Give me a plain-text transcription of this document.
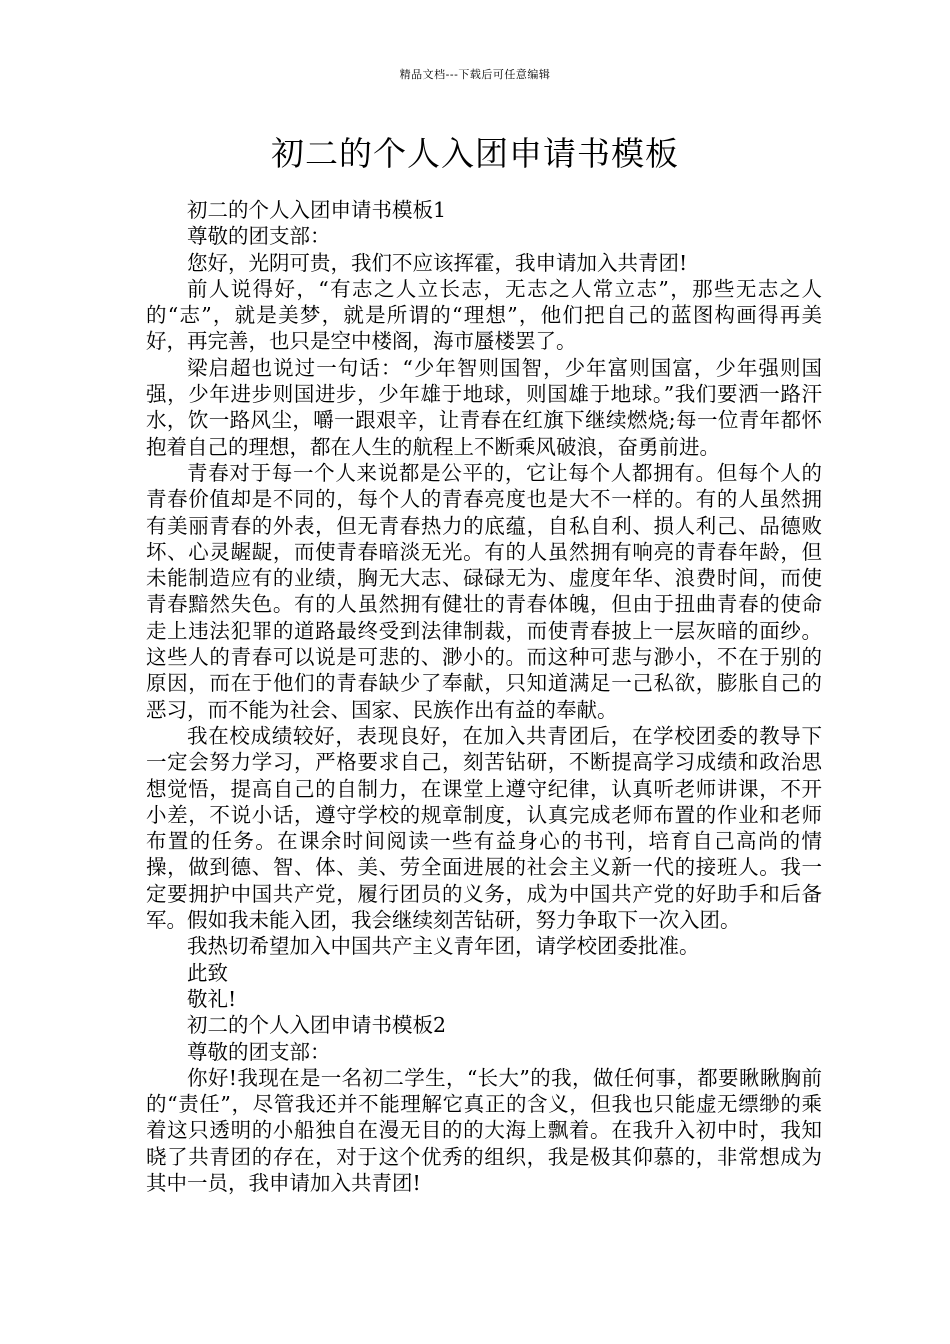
精品文档---下载后可任意编辑
初二的个人入团申请书模板

初二的个人入团申请书模板1

尊敬的团支部：

您好，光阴可贵，我们不应该挥霍，我申请加入共青团!

前人说得好，“有志之人立长志，无志之人常立志”，那些无志之人的“志”，就是美梦，就是所谓的“理想”，他们把自己的蓝图构画得再美好，再完善，也只是空中楼阁，海市蜃楼罢了。

梁启超也说过一句话：“少年智则国智，少年富则国富，少年强则国强，少年进步则国进步，少年雄于地球，则国雄于地球。”我们要洒一路汗水，饮一路风尘，嚼一跟艰辛，让青春在红旗下继续燃烧;每一位青年都怀抱着自己的理想，都在人生的航程上不断乘风破浪，奋勇前进。

青春对于每一个人来说都是公平的，它让每个人都拥有。但每个人的青春价值却是不同的，每个人的青春亮度也是大不一样的。有的人虽然拥有美丽青春的外表，但无青春热力的底蕴，自私自利、损人利己、品德败坏、心灵龌龊，而使青春暗淡无光。有的人虽然拥有响亮的青春年龄，但未能制造应有的业绩，胸无大志、碌碌无为、虚度年华、浪费时间，而使青春黯然失色。有的人虽然拥有健壮的青春体魄，但由于扭曲青春的使命走上违法犯罪的道路最终受到法律制裁，而使青春披上一层灰暗的面纱。这些人的青春可以说是可悲的、渺小的。而这种可悲与渺小，不在于别的原因，而在于他们的青春缺少了奉献，只知道满足一己私欲，膨胀自己的恶习，而不能为社会、国家、民族作出有益的奉献。

我在校成绩较好，表现良好，在加入共青团后，在学校团委的教导下一定会努力学习，严格要求自己，刻苦钻研，不断提高学习成绩和政治思想觉悟，提高自己的自制力，在课堂上遵守纪律，认真听老师讲课，不开小差，不说小话，遵守学校的规章制度，认真完成老师布置的作业和老师布置的任务。在课余时间阅读一些有益身心的书刊，培育自己高尚的情操，做到德、智、体、美、劳全面进展的社会主义新一代的接班人。我一定要拥护中国共产党，履行团员的义务，成为中国共产党的好助手和后备军。假如我未能入团，我会继续刻苦钻研，努力争取下一次入团。

我热切希望加入中国共产主义青年团，请学校团委批准。

此致

敬礼!

初二的个人入团申请书模板2

尊敬的团支部：

你好!我现在是一名初二学生，“长大”的我，做任何事，都要瞅瞅胸前的“责任”，尽管我还并不能理解它真正的含义，但我也只能虚无缥缈的乘着这只透明的小船独自在漫无目的的大海上飘着。在我升入初中时，我知晓了共青团的存在，对于这个优秀的组织，我是极其仰慕的，非常想成为其中一员，我申请加入共青团!
